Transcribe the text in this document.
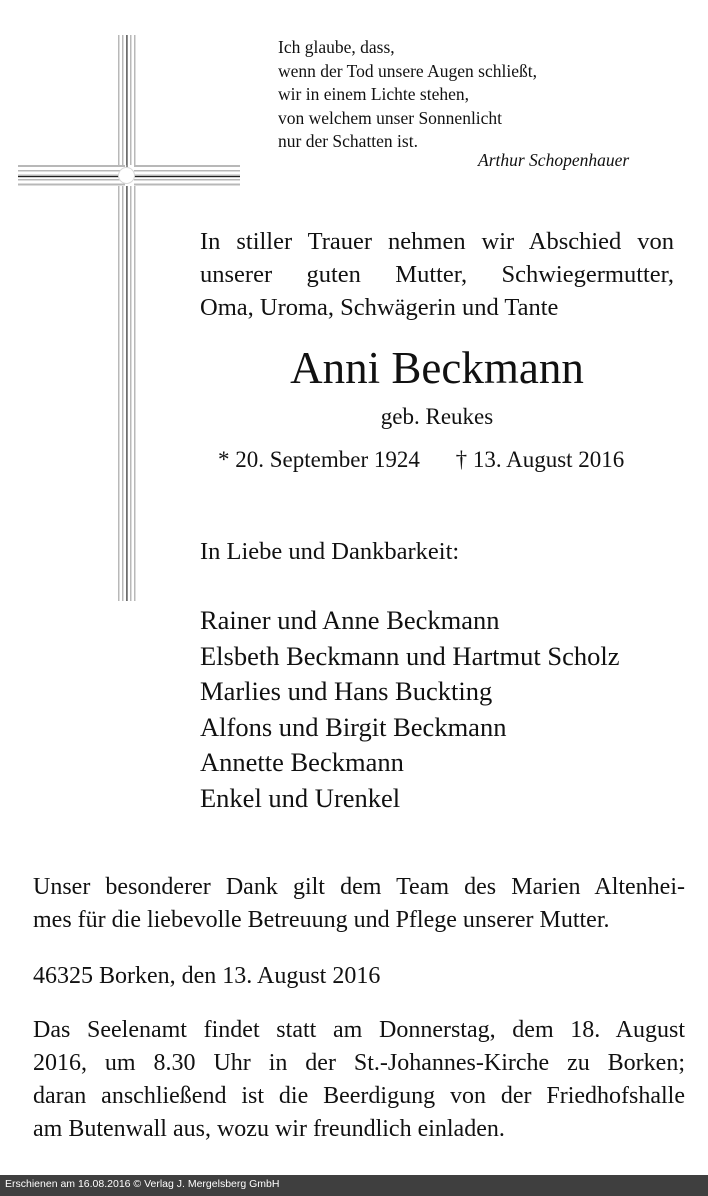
Ich glaube, dass,
wenn der Tod unsere Augen schließt,
wir in einem Lichte stehen,
von welchem unser Sonnenlicht
nur der Schatten ist.
Arthur Schopenhauer
In stiller Trauer nehmen wir Abschied von
unserer guten Mutter, Schwiegermutter,
Oma, Uroma, Schwägerin und Tante
Anni Beckmann
geb. Reukes
* 20. September 1924 † 13. August 2016
In Liebe und Dankbarkeit:
Rainer und Anne Beckmann
Elsbeth Beckmann und Hartmut Scholz
Marlies und Hans Buckting
Alfons und Birgit Beckmann
Annette Beckmann
Enkel und Urenkel
Unser besonderer Dank gilt dem Team des Marien Altenhei-
mes für die liebevolle Betreuung und Pflege unserer Mutter.
46325 Borken, den 13. August 2016
Das Seelenamt findet statt am Donnerstag, dem 18. August
2016, um 8.30 Uhr in der St.-Johannes-Kirche zu Borken;
daran anschließend ist die Beerdigung von der Friedhofshalle
am Butenwall aus, wozu wir freundlich einladen.
Erschienen am 16.08.2016 © Verlag J. Mergelsberg GmbH
